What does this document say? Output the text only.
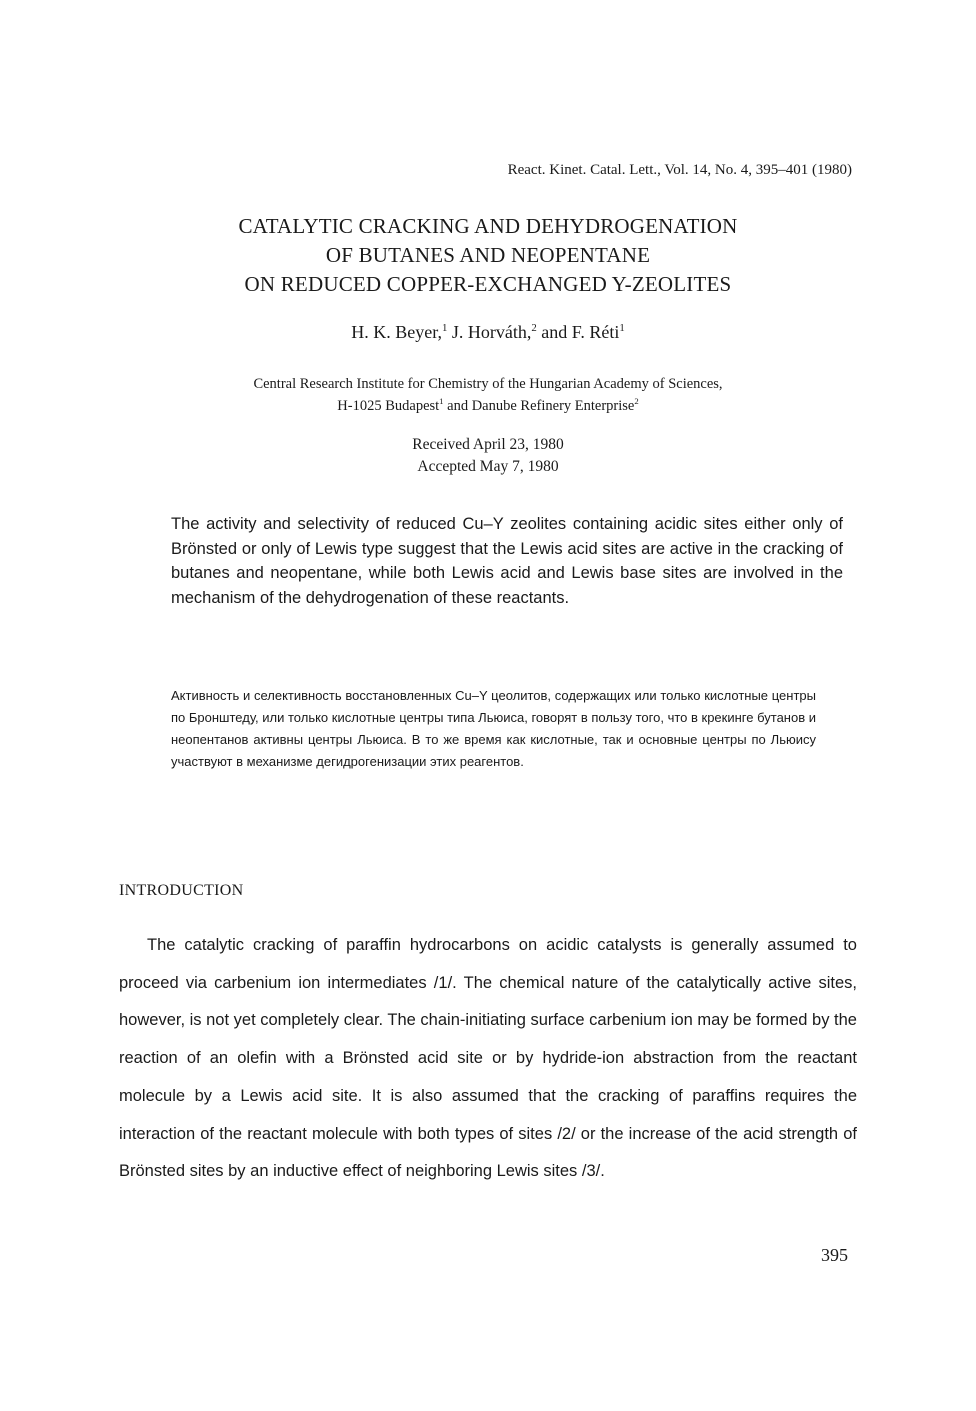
React. Kinet. Catal. Lett., Vol. 14, No. 4, 395–401 (1980)
CATALYTIC CRACKING AND DEHYDROGENATION
OF BUTANES AND NEOPENTANE
ON REDUCED COPPER-EXCHANGED Y-ZEOLITES
H. K. Beyer,$^1$ J. Horváth,$^2$ and F. Réti$^1$
Central Research Institute for Chemistry of the Hungarian Academy of Sciences,
H-1025 Budapest$^1$ and Danube Refinery Enterprise$^2$
Received April 23, 1980
Accepted May 7, 1980
The activity and selectivity of reduced Cu–Y zeolites containing acidic sites either only of Brönsted or only of Lewis type suggest that the Lewis acid sites are active in the cracking of butanes and neopentane, while both Lewis acid and Lewis base sites are involved in the mechanism of the dehydrogenation of these reactants.
Активность и селективность восстановленных Cu–Y цеолитов, содержащих или только кислотные центры по Бронштеду, или только кислотные центры типа Льюиса, говорят в пользу того, что в крекинге бутанов и неопентанов активны центры Льюиса. В то же время как кислотные, так и основные центры по Льюису участвуют в механизме дегидрогенизации этих реагентов.
INTRODUCTION

The catalytic cracking of paraffin hydrocarbons on acidic catalysts is generally assumed to proceed via carbenium ion intermediates /1/. The chemical nature of the catalytically active sites, however, is not yet completely clear. The chain-initiating surface carbenium ion may be formed by the reaction of an olefin with a Brönsted acid site or by hydride-ion abstraction from the reactant molecule by a Lewis acid site. It is also assumed that the cracking of paraffins requires the interaction of the reactant molecule with both types of sites /2/ or the increase of the acid strength of Brönsted sites by an inductive effect of neighboring Lewis sites /3/.

395
